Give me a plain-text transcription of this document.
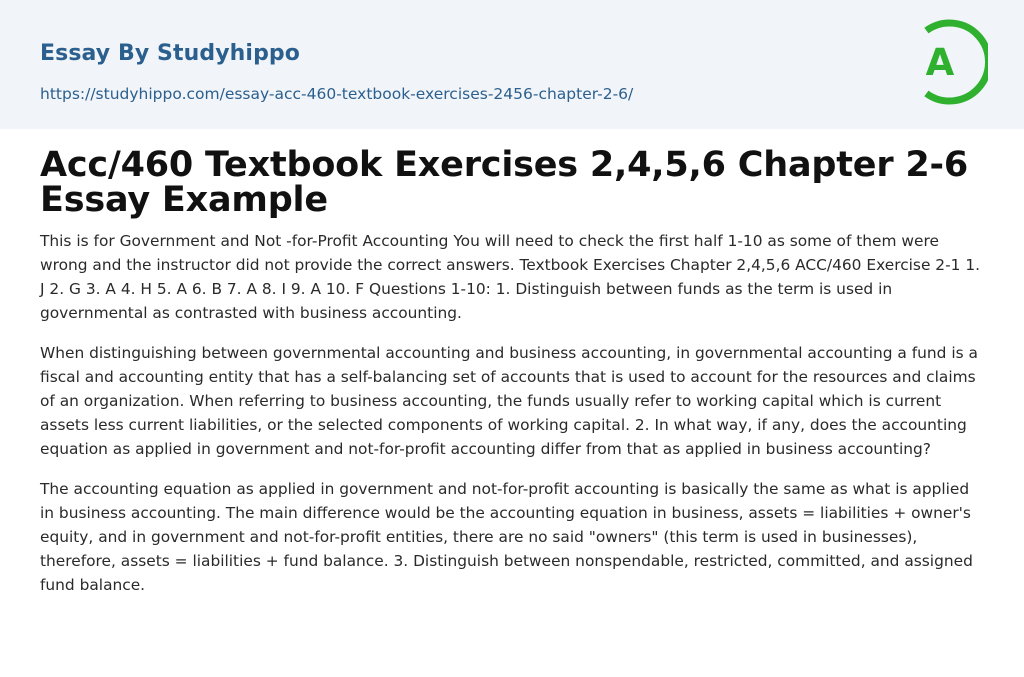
Essay By Studyhippo
https://studyhippo.com/essay-acc-460-textbook-exercises-2456-chapter-2-6/
A
Acc/460 Textbook Exercises 2,4,5,6 Chapter 2-6 Essay Example

This is for Government and Not -for-Profit Accounting You will need to check the first half 1-10 as some of them were wrong and the instructor did not provide the correct answers. Textbook Exercises Chapter 2,4,5,6 ACC/460 Exercise 2-1 1. J 2. G 3. A 4. H 5. A 6. B 7. A 8. I 9. A 10. F Questions 1-10: 1. Distinguish between funds as the term is used in governmental as contrasted with business accounting.

When distinguishing between governmental accounting and business accounting, in governmental accounting a fund is a fiscal and accounting entity that has a self-balancing set of accounts that is used to account for the resources and claims of an organization. When referring to business accounting, the funds usually refer to working capital which is current assets less current liabilities, or the selected components of working capital. 2. In what way, if any, does the accounting equation as applied in government and not-for-profit accounting differ from that as applied in business accounting?

The accounting equation as applied in government and not-for-profit accounting is basically the same as what is applied in business accounting. The main difference would be the accounting equation in business, assets = liabilities + owner's equity, and in government and not-for-profit entities, there are no said "owners" (this term is used in businesses), therefore, assets = liabilities + fund balance. 3. Distinguish between nonspendable, restricted, committed, and assigned fund balance.
